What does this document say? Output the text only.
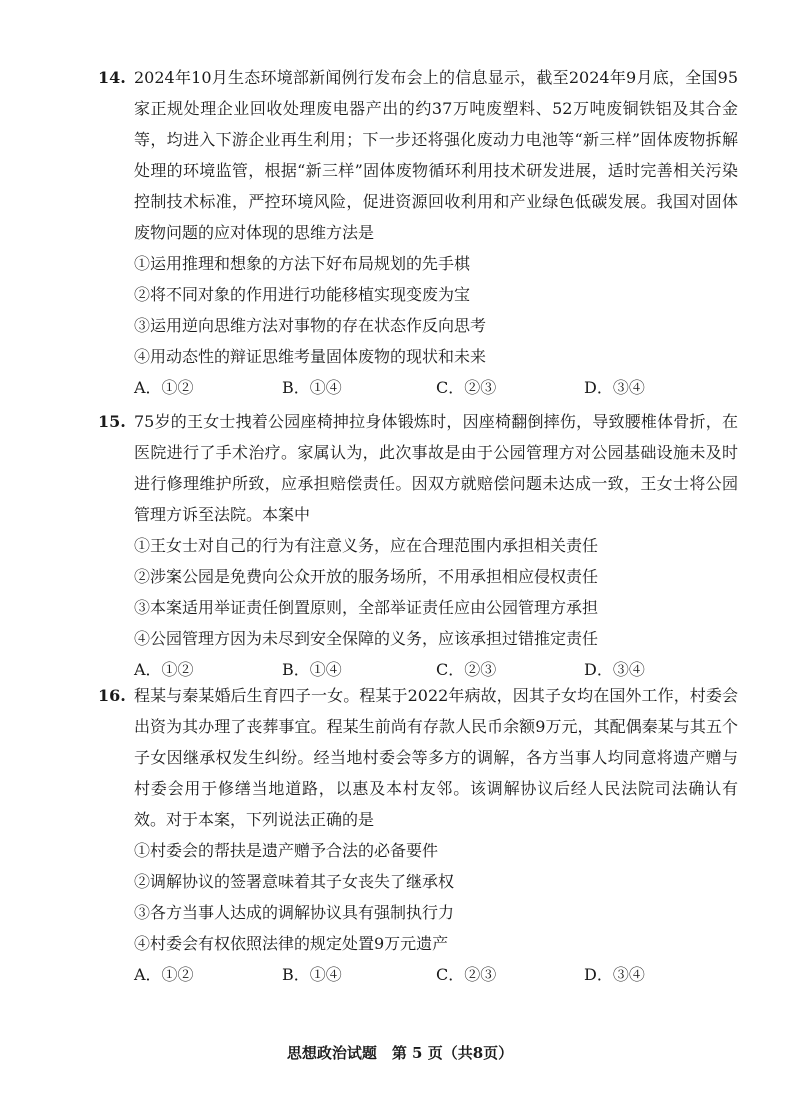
14. 2024年10月生态环境部新闻例行发布会上的信息显示，截至2024年9月底，全国95家正规处理企业回收处理废电器产出的约37万吨废塑料、52万吨废铜铁铝及其合金等，均进入下游企业再生利用；下一步还将强化废动力电池等“新三样”固体废物拆解处理的环境监管，根据“新三样”固体废物循环利用技术研发进展，适时完善相关污染控制技术标准，严控环境风险，促进资源回收利用和产业绿色低碳发展。我国对固体废物问题的应对体现的思维方法是
①运用推理和想象的方法下好布局规划的先手棋
②将不同对象的作用进行功能移植实现变废为宝
③运用逆向思维方法对事物的存在状态作反向思考
④用动态性的辩证思维考量固体废物的现状和未来
A．①②	B．①④	C．②③	D．③④
15. 75岁的王女士拽着公园座椅抻拉身体锻炼时，因座椅翻倒摔伤，导致腰椎体骨折，在医院进行了手术治疗。家属认为，此次事故是由于公园管理方对公园基础设施未及时进行修理维护所致，应承担赔偿责任。因双方就赔偿问题未达成一致，王女士将公园管理方诉至法院。本案中
①王女士对自己的行为有注意义务，应在合理范围内承担相关责任
②涉案公园是免费向公众开放的服务场所，不用承担相应侵权责任
③本案适用举证责任倒置原则，全部举证责任应由公园管理方承担
④公园管理方因为未尽到安全保障的义务，应该承担过错推定责任
A．①②	B．①④	C．②③	D．③④
16. 程某与秦某婚后生育四子一女。程某于2022年病故，因其子女均在国外工作，村委会出资为其办理了丧葬事宜。程某生前尚有存款人民币余额9万元，其配偶秦某与其五个子女因继承权发生纠纷。经当地村委会等多方的调解，各方当事人均同意将遗产赠与村委会用于修缮当地道路，以惠及本村友邻。该调解协议后经人民法院司法确认有效。对于本案，下列说法正确的是
①村委会的帮扶是遗产赠予合法的必备要件
②调解协议的签署意味着其子女丧失了继承权
③各方当事人达成的调解协议具有强制执行力
④村委会有权依照法律的规定处置9万元遗产
A．①②	B．①④	C．②③	D．③④
思想政治试题　第 5 页（共8页）
